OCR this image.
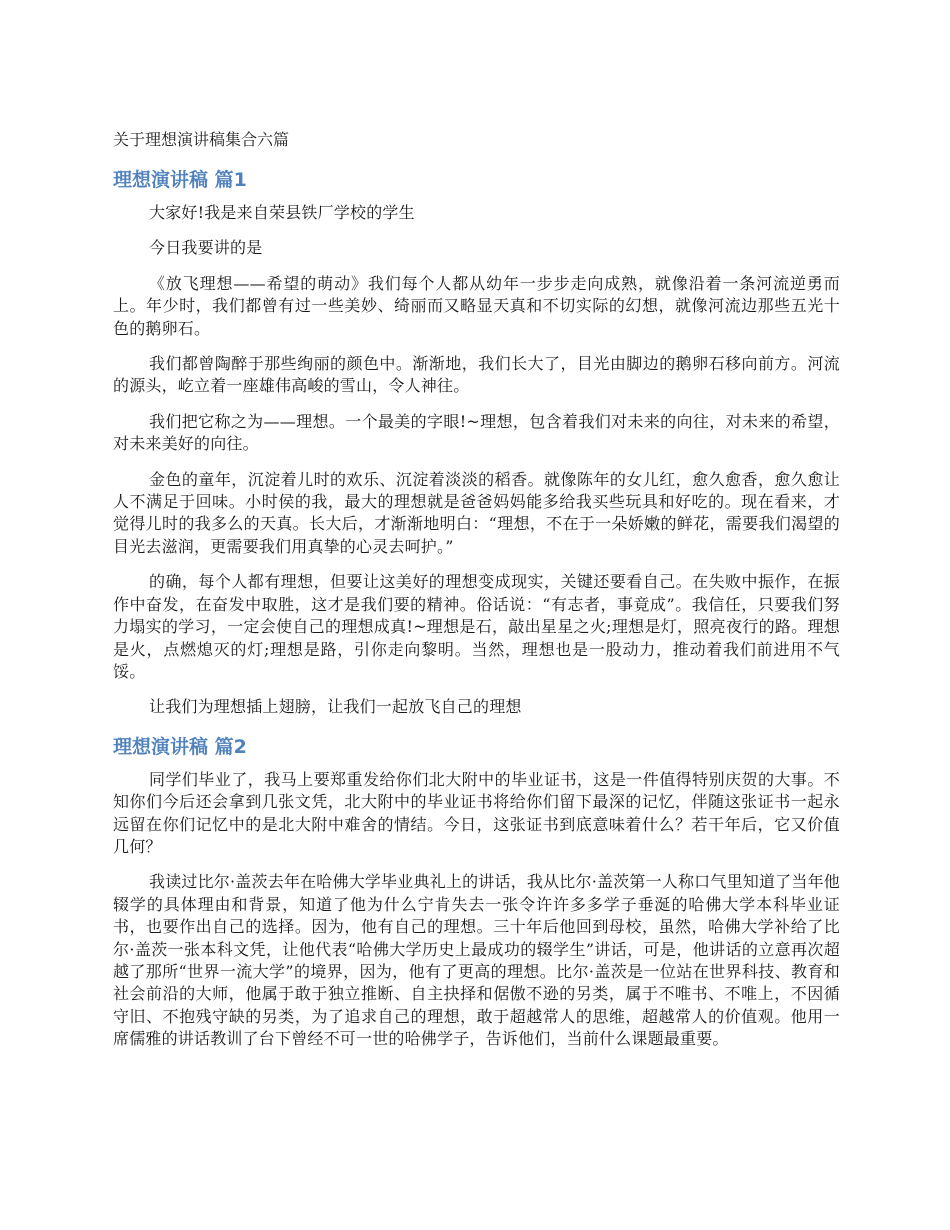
关于理想演讲稿集合六篇
理想演讲稿 篇1

大家好!我是来自荣县铁厂学校的学生

今日我要讲的是

《放飞理想——希望的萌动》我们每个人都从幼年一步步走向成熟，就像沿着一条河流逆勇而上。年少时，我们都曾有过一些美妙、绮丽而又略显天真和不切实际的幻想，就像河流边那些五光十色的鹅卵石。

我们都曾陶醉于那些绚丽的颜色中。渐渐地，我们长大了，目光由脚边的鹅卵石移向前方。河流的源头，屹立着一座雄伟高峻的雪山，令人神往。

我们把它称之为——理想。一个最美的字眼!~理想，包含着我们对未来的向往，对未来的希望，对未来美好的向往。

金色的童年，沉淀着儿时的欢乐、沉淀着淡淡的稻香。就像陈年的女儿红，愈久愈香，愈久愈让人不满足于回味。小时侯的我，最大的理想就是爸爸妈妈能多给我买些玩具和好吃的。现在看来，才觉得儿时的我多么的天真。长大后，才渐渐地明白：“理想，不在于一朵娇嫩的鲜花，需要我们渴望的目光去滋润，更需要我们用真挚的心灵去呵护。”

的确，每个人都有理想，但要让这美好的理想变成现实，关键还要看自己。在失败中振作，在振作中奋发，在奋发中取胜，这才是我们要的精神。俗话说：“有志者，事竟成”。我信任，只要我们努力塌实的学习，一定会使自己的理想成真!~理想是石，敲出星星之火;理想是灯，照亮夜行的路。理想是火，点燃熄灭的灯;理想是路，引你走向黎明。当然，理想也是一股动力，推动着我们前进用不气馁。

让我们为理想插上翅膀，让我们一起放飞自己的理想

理想演讲稿 篇2

同学们毕业了，我马上要郑重发给你们北大附中的毕业证书，这是一件值得特别庆贺的大事。不知你们今后还会拿到几张文凭，北大附中的毕业证书将给你们留下最深的记忆，伴随这张证书一起永远留在你们记忆中的是北大附中难舍的情结。今日，这张证书到底意味着什么？若干年后，它又价值几何？

我读过比尔·盖茨去年在哈佛大学毕业典礼上的讲话，我从比尔·盖茨第一人称口气里知道了当年他辍学的具体理由和背景，知道了他为什么宁肯失去一张令许许多多学子垂涎的哈佛大学本科毕业证书，也要作出自己的选择。因为，他有自己的理想。三十年后他回到母校，虽然，哈佛大学补给了比尔·盖茨一张本科文凭，让他代表“哈佛大学历史上最成功的辍学生”讲话，可是，他讲话的立意再次超越了那所“世界一流大学”的境界，因为，他有了更高的理想。比尔·盖茨是一位站在世界科技、教育和社会前沿的大师，他属于敢于独立推断、自主抉择和倨傲不逊的另类，属于不唯书、不唯上，不因循守旧、不抱残守缺的另类，为了追求自己的理想，敢于超越常人的思维，超越常人的价值观。他用一席儒雅的讲话教训了台下曾经不可一世的哈佛学子，告诉他们，当前什么课题最重要。
